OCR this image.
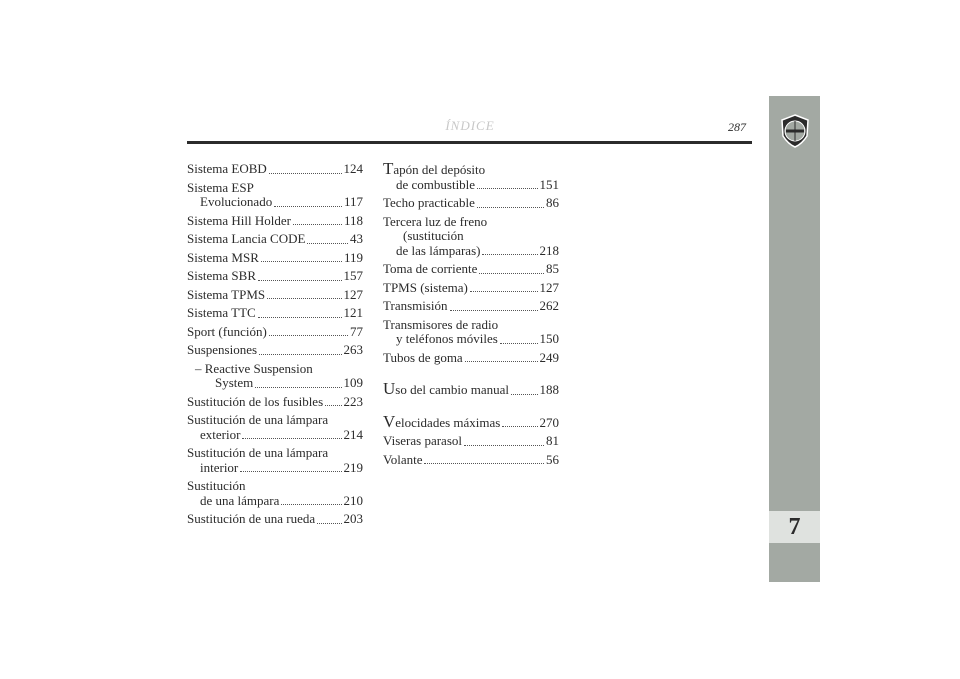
ÍNDICE	287
7
Sistema EOBD	124
Sistema ESP
Evolucionado	117
Sistema Hill Holder	118
Sistema Lancia CODE	43
Sistema MSR	119
Sistema SBR	157
Sistema TPMS	127
Sistema TTC	121
Sport (función)	77
Suspensiones	263
– Reactive Suspension
System	109
Sustitución de los fusibles 223
Sustitución de una lámpara
exterior	214
Sustitución de una lámpara
interior	219
Sustitución
de una lámpara	210
Sustitución de una rueda 203
Tapón del depósito
de combustible	151
Techo practicable	86
Tercera luz de freno
(sustitución
de las lámparas)	218
Toma de corriente	85
TPMS (sistema)	127
Transmisión	262
Transmisores de radio
y teléfonos móviles	150
Tubos de goma	249
Uso del cambio manual 188
Velocidades máximas	270
Viseras parasol	81
Volante	56
